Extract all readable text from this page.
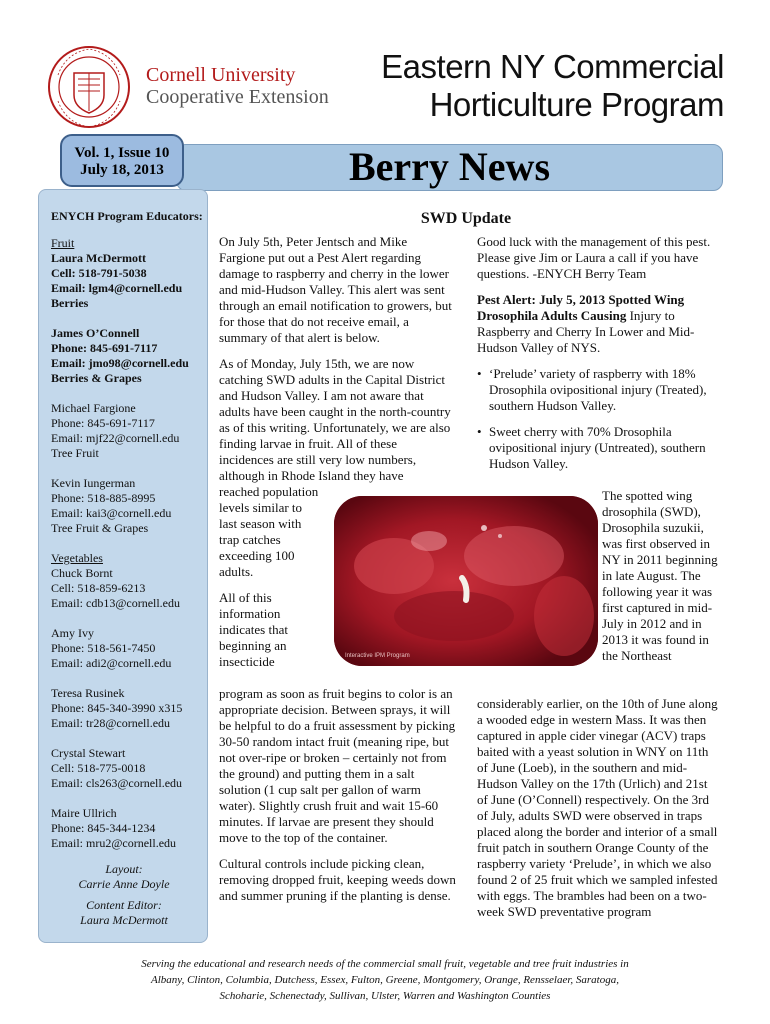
Cornell University
Cooperative Extension
Eastern NY Commercial
Horticulture Program
Berry News
Vol. 1, Issue 10
July 18, 2013
ENYCH Program Educators:
Fruit
Laura McDermott
Cell: 518-791-5038
Email: lgm4@cornell.edu
Berries
James O’Connell
Phone: 845-691-7117
Email: jmo98@cornell.edu
Berries & Grapes
Michael Fargione
Phone: 845-691-7117
Email: mjf22@cornell.edu
Tree Fruit
Kevin Iungerman
Phone: 518-885-8995
Email: kai3@cornell.edu
Tree Fruit & Grapes
Vegetables
Chuck Bornt
Cell: 518-859-6213
Email: cdb13@cornell.edu
Amy Ivy
Phone: 518-561-7450
Email: adi2@cornell.edu
Teresa Rusinek
Phone: 845-340-3990 x315
Email: tr28@cornell.edu
Crystal Stewart
Cell: 518-775-0018
Email: cls263@cornell.edu
Maire Ullrich
Phone: 845-344-1234
Email: mru2@cornell.edu
Layout:
Carrie Anne Doyle
Content Editor:
Laura McDermott
SWD Update

On July 5th, Peter Jentsch and Mike Fargione put out a Pest Alert regarding damage to raspberry and cherry in the lower and mid-Hudson Valley. This alert was sent through an email notification to growers, but for those that do not receive email, a summary of that alert is below.

As of Monday, July 15th, we are now catching SWD adults in the Capital District and Hudson Valley. I am not aware that adults have been caught in the north-country as of this writing. Unfortunately, we are also finding larvae in fruit. All of these incidences are still very low numbers, although in Rhode Island they have

reached population levels similar to last season with trap catches exceeding 100 adults.

All of this information indicates that beginning an insecticide

program as soon as fruit begins to color is an appropriate decision. Between sprays, it will be helpful to do a fruit assessment by picking 30-50 random intact fruit (meaning ripe, but not over-ripe or broken – certainly not from the ground) and putting them in a salt solution (1 cup salt per gallon of warm water). Slightly crush fruit and wait 15-60 minutes. If larvae are present they should move to the top of the container.

Cultural controls include picking clean, removing dropped fruit, keeping weeds down and summer pruning if the planting is dense.

Good luck with the management of this pest. Please give Jim or Laura a call if you have questions. -ENYCH Berry Team

Pest Alert: July 5, 2013 Spotted Wing Drosophila Adults Causing Injury to Raspberry and Cherry In Lower and Mid-Hudson Valley of NYS.

• ‘Prelude’ variety of raspberry with 18% Drosophila ovipositional injury (Treated), southern Hudson Valley.
• Sweet cherry with 70% Drosophila ovipositional injury (Untreated), southern Hudson Valley.

The spotted wing drosophila (SWD), Drosophila suzukii, was first observed in NY in 2011 beginning in late August. The following year it was first captured in mid-July in 2012 and in 2013 it was found in the Northeast

considerably earlier, on the 10th of June along a wooded edge in western Mass. It was then captured in apple cider vinegar (ACV) traps baited with a yeast solution in WNY on 11th of June (Loeb), in the southern and mid-Hudson Valley on the 17th (Urlich) and 21st of June (O’Connell) respectively. On the 3rd of July, adults SWD were observed in traps placed along the border and interior of a small fruit patch in southern Orange County of the raspberry variety ‘Prelude’, in which we also found 2 of 25 fruit which we sampled infested with eggs. The brambles had been on a two-week SWD preventative program

Interactive IPM Program
Serving the educational and research needs of the commercial small fruit, vegetable and tree fruit industries in
Albany, Clinton, Columbia, Dutchess, Essex, Fulton, Greene, Montgomery, Orange, Rensselaer, Saratoga,
Schoharie, Schenectady, Sullivan, Ulster, Warren and Washington Counties
